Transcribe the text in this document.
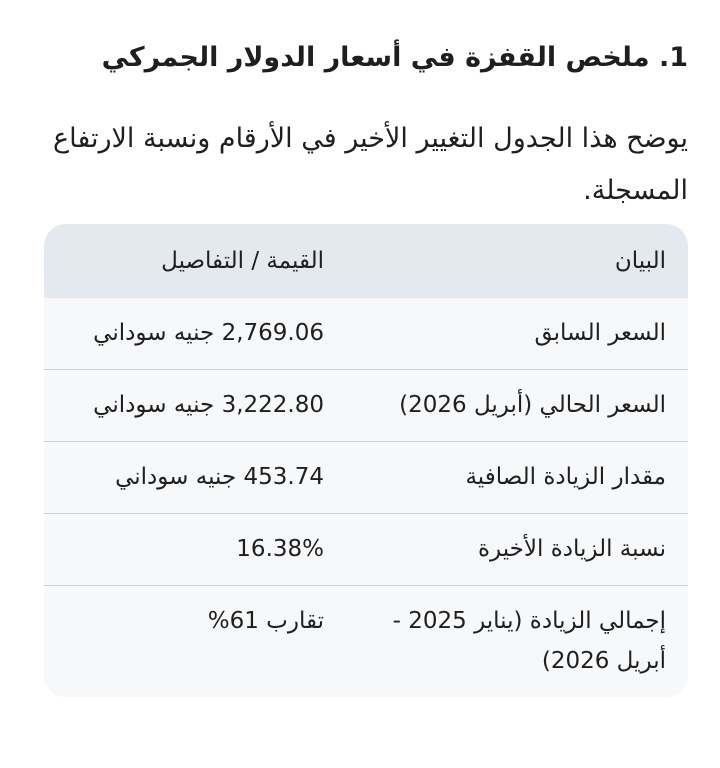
1. ملخص القفزة في أسعار الدولار الجمركي

يوضح هذا الجدول التغيير الأخير في الأرقام ونسبة الارتفاع المسجلة.

البيان	القيمة / التفاصيل
السعر السابق	2,769.06 جنيه سوداني
السعر الحالي (أبريل 2026)	3,222.80 جنيه سوداني
مقدار الزيادة الصافية	453.74 جنيه سوداني
نسبة الزيادة الأخيرة	16.38%
إجمالي الزيادة (يناير 2025 - أبريل 2026)	تقارب 61%
